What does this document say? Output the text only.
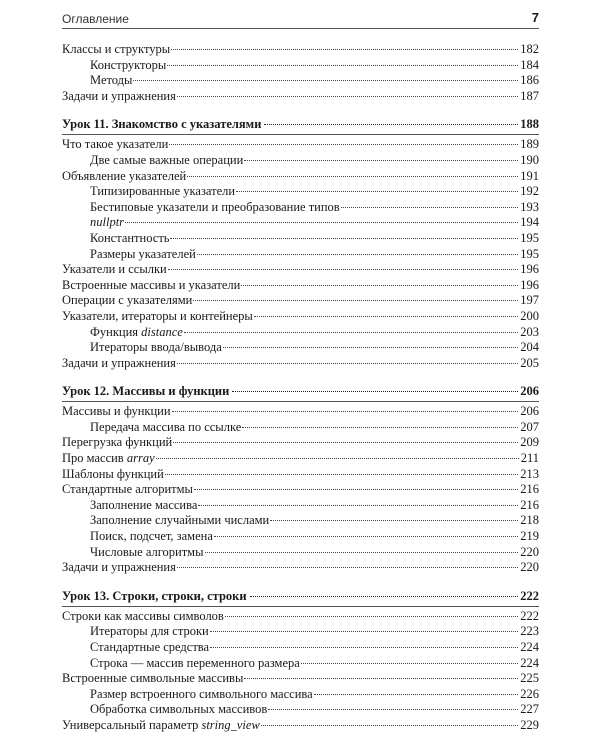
Оглавление	7
Классы и структуры	182
Конструкторы	184
Методы	186
Задачи и упражнения	187
Урок 11. Знакомство с указателями	188
Что такое указатели	189
Две самые важные операции	190
Объявление указателей	191
Типизированные указатели	192
Бестиповые указатели и преобразование типов	193
nullptr	194
Константность	195
Размеры указателей	195
Указатели и ссылки	196
Встроенные массивы и указатели	196
Операции с указателями	197
Указатели, итераторы и контейнеры	200
Функция distance	203
Итераторы ввода/вывода	204
Задачи и упражнения	205
Урок 12. Массивы и функции	206
Массивы и функции	206
Передача массива по ссылке	207
Перегрузка функций	209
Про массив array	211
Шаблоны функций	213
Стандартные алгоритмы	216
Заполнение массива	216
Заполнение случайными числами	218
Поиск, подсчет, замена	219
Числовые алгоритмы	220
Задачи и упражнения	220
Урок 13. Строки, строки, строки	222
Строки как массивы символов	222
Итераторы для строки	223
Стандартные средства	224
Строка — массив переменного размера	224
Встроенные символьные массивы	225
Размер встроенного символьного массива	226
Обработка символьных массивов	227
Универсальный параметр string_view	229
